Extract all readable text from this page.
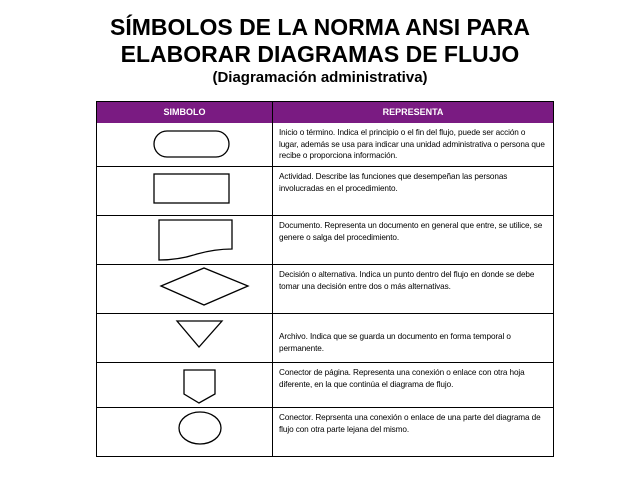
SÍMBOLOS DE LA NORMA ANSI PARA
ELABORAR DIAGRAMAS DE FLUJO
(Diagramación administrativa)
SIMBOLO	REPRESENTA
Inicio o término. Indica el principio o el fin del flujo, puede ser acción o lugar, además se usa para indicar una unidad administrativa o persona que recibe o proporciona información.
Actividad. Describe las funciones que desempeñan las personas involucradas en el procedimiento.
Documento. Representa un documento en general que entre, se utilice, se genere o salga del procedimiento.
Decisión o alternativa. Indica un punto dentro del flujo en donde se debe tomar una decisión entre dos o más alternativas.
Archivo. Indica que se guarda un documento en forma temporal o permanente.
Conector de página. Representa una conexión o enlace con otra hoja diferente, en la que continúa el diagrama de flujo.
Conector. Reprsenta una conexión o enlace de una parte del diagrama de flujo con otra parte lejana del mismo.
